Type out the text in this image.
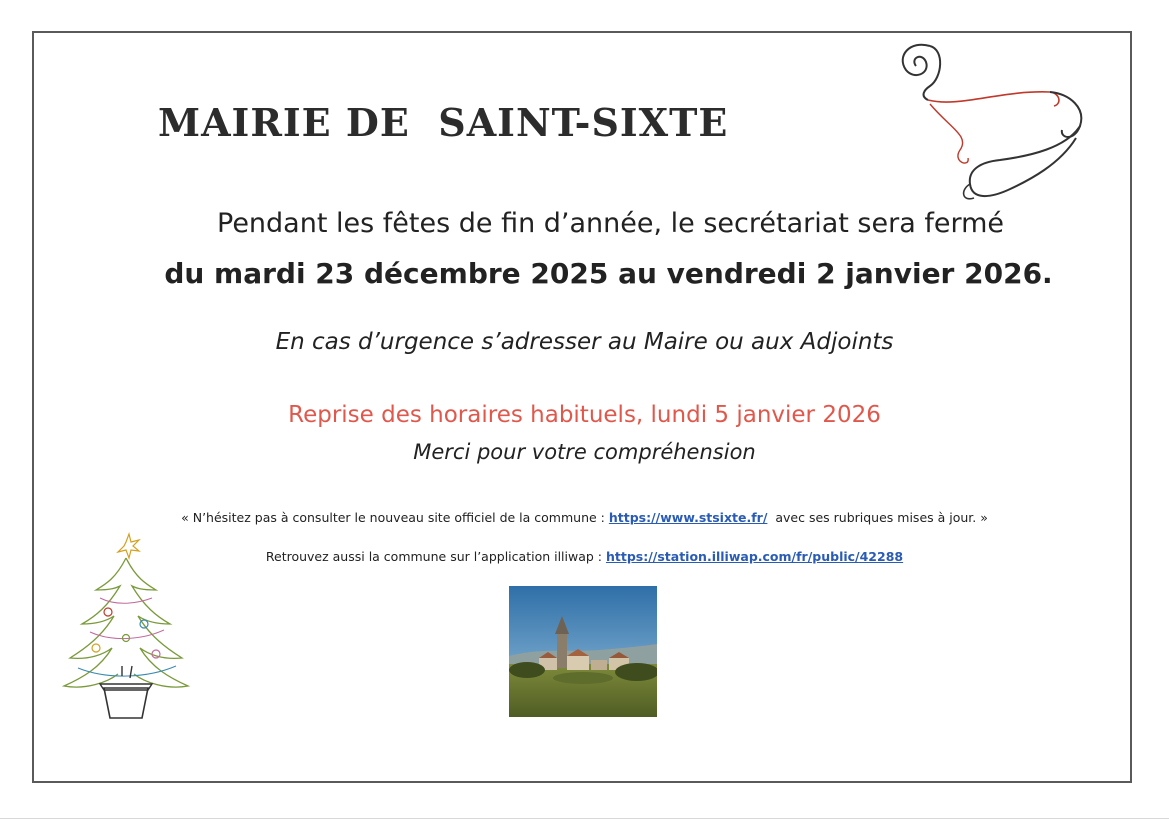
MAIRIE DE  SAINT-SIXTE

Pendant les fêtes de fin d’année, le secrétariat sera fermé

du mardi 23 décembre 2025 au vendredi 2 janvier 2026.

En cas d’urgence s’adresser au Maire ou aux Adjoints

Reprise des horaires habituels, lundi 5 janvier 2026

Merci pour votre compréhension

« N’hésitez pas à consulter le nouveau site officiel de la commune : https://www.stsixte.fr/  avec ses rubriques mises à jour. »

Retrouvez aussi la commune sur l’application illiwap : https://station.illiwap.com/fr/public/42288
